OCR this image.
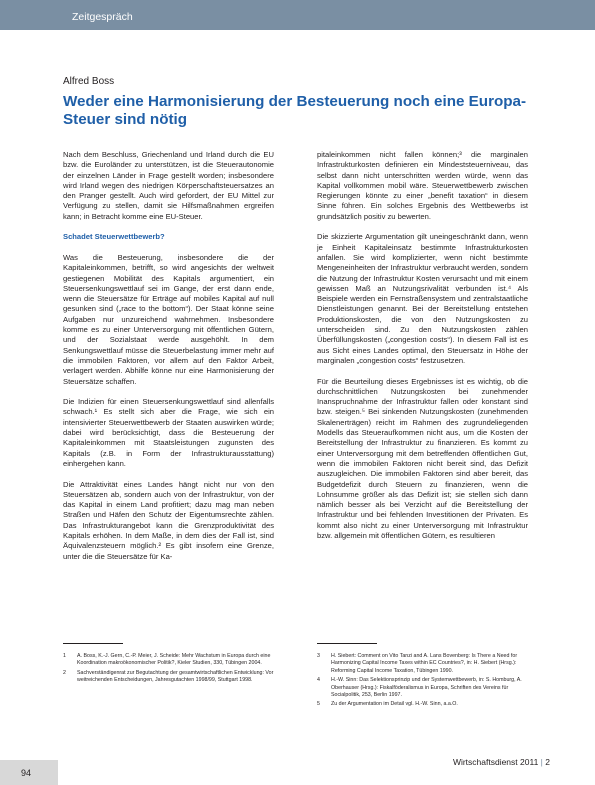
Zeitgespräch
Alfred Boss
Weder eine Harmonisierung der Besteuerung noch eine Europa-Steuer sind nötig

Nach dem Beschluss, Griechenland und Irland durch die EU bzw. die Euroländer zu unterstützen, ist die Steuerautonomie der einzelnen Länder in Frage gestellt worden; insbesondere wird Irland wegen des niedrigen Körperschaftsteuersatzes an den Pranger gestellt. Auch wird gefordert, der EU Mittel zur Verfügung zu stellen, damit sie Hilfsmaßnahmen ergreifen kann; in Betracht komme eine EU-Steuer.

Schadet Steuerwettbewerb?

Was die Besteuerung, insbesondere die der Kapitaleinkommen, betrifft, so wird angesichts der weltweit gestiegenen Mobilität des Kapitals argumentiert, ein Steuersenkungswettlauf sei im Gange, der erst dann ende, wenn die Steuersätze für Erträge auf mobiles Kapital auf null gesunken sind („race to the bottom“). Der Staat könne seine Aufgaben nur unzureichend wahrnehmen. Insbesondere komme es zu einer Unterversorgung mit öffentlichen Gütern, und der Sozialstaat werde ausgehöhlt. In dem Senkungswettlauf müsse die Steuerbelastung immer mehr auf die immobilen Faktoren, vor allem auf den Faktor Arbeit, verlagert werden. Abhilfe könne nur eine Harmonisierung der Steuersätze schaffen.

Die Indizien für einen Steuersenkungswettlauf sind allenfalls schwach.¹ Es stellt sich aber die Frage, wie sich ein intensivierter Steuerwettbewerb der Staaten auswirken würde; dabei wird berücksichtigt, dass die Besteuerung der Kapitaleinkommen mit Staatsleistungen zugunsten des Kapitals (z.B. in Form der Infrastrukturausstattung) einhergehen kann.

Die Attraktivität eines Landes hängt nicht nur von den Steuersätzen ab, sondern auch von der Infrastruktur, von der das Kapital in einem Land profitiert; dazu mag man neben Straßen und Häfen den Schutz der Eigentumsrechte zählen. Das Infrastrukturangebot kann die Grenzproduktivität des Kapitals erhöhen. In dem Maße, in dem dies der Fall ist, sind Äquivalenzsteuern möglich.² Es gibt insofern eine Grenze, unter die die Steuersätze für Ka-

pitaleinkommen nicht fallen können;³ die marginalen Infrastrukturkosten definieren ein Mindeststeuerniveau, das selbst dann nicht unterschritten werden würde, wenn das Kapital vollkommen mobil wäre. Steuerwettbewerb zwischen Regierungen könnte zu einer „benefit taxation“ in diesem Sinne führen. Ein solches Ergebnis des Wettbewerbs ist grundsätzlich positiv zu bewerten.

Die skizzierte Argumentation gilt uneingeschränkt dann, wenn je Einheit Kapitaleinsatz bestimmte Infrastrukturkosten anfallen. Sie wird komplizierter, wenn nicht bestimmte Mengeneinheiten der Infrastruktur verbraucht werden, sondern die Nutzung der Infrastruktur Kosten verursacht und mit einem gewissen Maß an Nutzungsrivalität verbunden ist.⁴ Als Beispiele werden ein Fernstraßensystem und zentralstaatliche Dienstleistungen genannt. Bei der Bereitstellung entstehen Produktionskosten, die von den Nutzungskosten zu unterscheiden sind. Zu den Nutzungskosten zählen Überfüllungskosten („congestion costs“). In diesem Fall ist es aus Sicht eines Landes optimal, den Steuersatz in Höhe der marginalen „congestion costs“ festzusetzen.

Für die Beurteilung dieses Ergebnisses ist es wichtig, ob die durchschnittlichen Nutzungskosten bei zunehmender Inanspruchnahme der Infrastruktur fallen oder konstant sind bzw. steigen.⁵ Bei sinkenden Nutzungskosten (zunehmenden Skalenerträgen) reicht im Rahmen des zugrundeliegenden Modells das Steueraufkommen nicht aus, um die Kosten der Bereitstellung der Infrastruktur zu finanzieren. Es kommt zu einer Unterversorgung mit dem betreffenden öffentlichen Gut, wenn die immobilen Faktoren nicht bereit sind, das Defizit auszugleichen. Die immobilen Faktoren sind aber bereit, das Budgetdefizit durch Steuern zu finanzieren, wenn die Lohnsumme größer als das Defizit ist; sie stellen sich dann nämlich besser als bei Verzicht auf die Bereitstellung der Infrastruktur und bei fehlenden Investitionen der Privaten. Es kommt also nicht zu einer Unterversorgung mit Infrastruktur bzw. allgemein mit öffentlichen Gütern, es resultieren

1	A. Boss, K.-J. Gern, C.-P. Meier, J. Scheide: Mehr Wachstum in Europa durch eine Koordination makroökonomischer Politik?, Kieler Studien, 330, Tübingen 2004.
2	Sachverständigenrat zur Begutachtung der gesamtwirtschaftlichen Entwicklung: Vor weitreichenden Entscheidungen, Jahresgutachten 1998/99, Stuttgart 1998.
3	H. Siebert: Comment on Vito Tanzi and A. Lans Bovenberg: Is There a Need for Harmonizing Capital Income Taxes within EC Countries?, in: H. Siebert (Hrsg.): Reforming Capital Income Taxation, Tübingen 1990.
4	H.-W. Sinn: Das Selektionsprinzip und der Systemwettbewerb, in: S. Homburg, A. Oberhauser (Hrsg.): Fiskalföderalismus in Europa, Schriften des Vereins für Socialpolitik, 253, Berlin 1997.
5	Zu der Argumentation im Detail vgl. H.-W. Sinn, a.a.O.
94
Wirtschaftsdienst 2011 | 2
